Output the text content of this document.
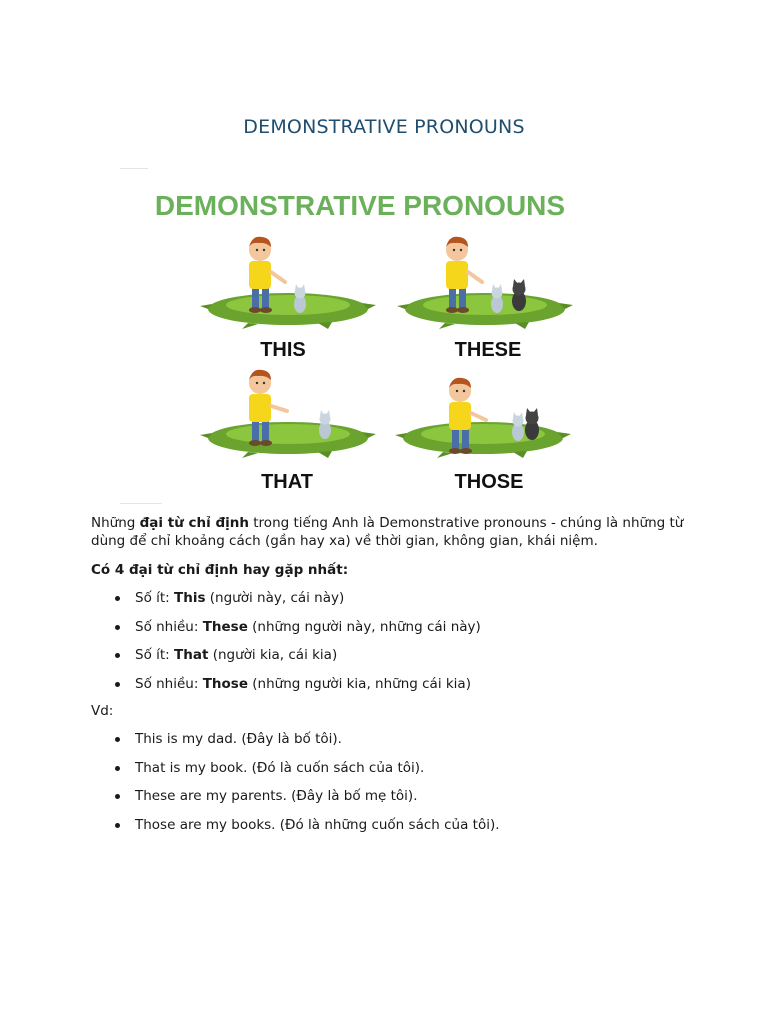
DEMONSTRATIVE PRONOUNS
DEMONSTRATIVE PRONOUNS
THIS	THESE
THAT	THOSE
Những đại từ chỉ định trong tiếng Anh là Demonstrative pronouns - chúng là những từ dùng để chỉ khoảng cách (gần hay xa) về thời gian, không gian, khái niệm.
Có 4 đại từ chỉ định hay gặp nhất:
Số ít: This (người này, cái này)
Số nhiều: These (những người này, những cái này)
Số ít: That (người kia, cái kia)
Số nhiều: Those (những người kia, những cái kia)
Vd:
This is my dad. (Đây là bố tôi).
That is my book. (Đó là cuốn sách của tôi).
These are my parents. (Đây là bố mẹ tôi).
Those are my books. (Đó là những cuốn sách của tôi).
